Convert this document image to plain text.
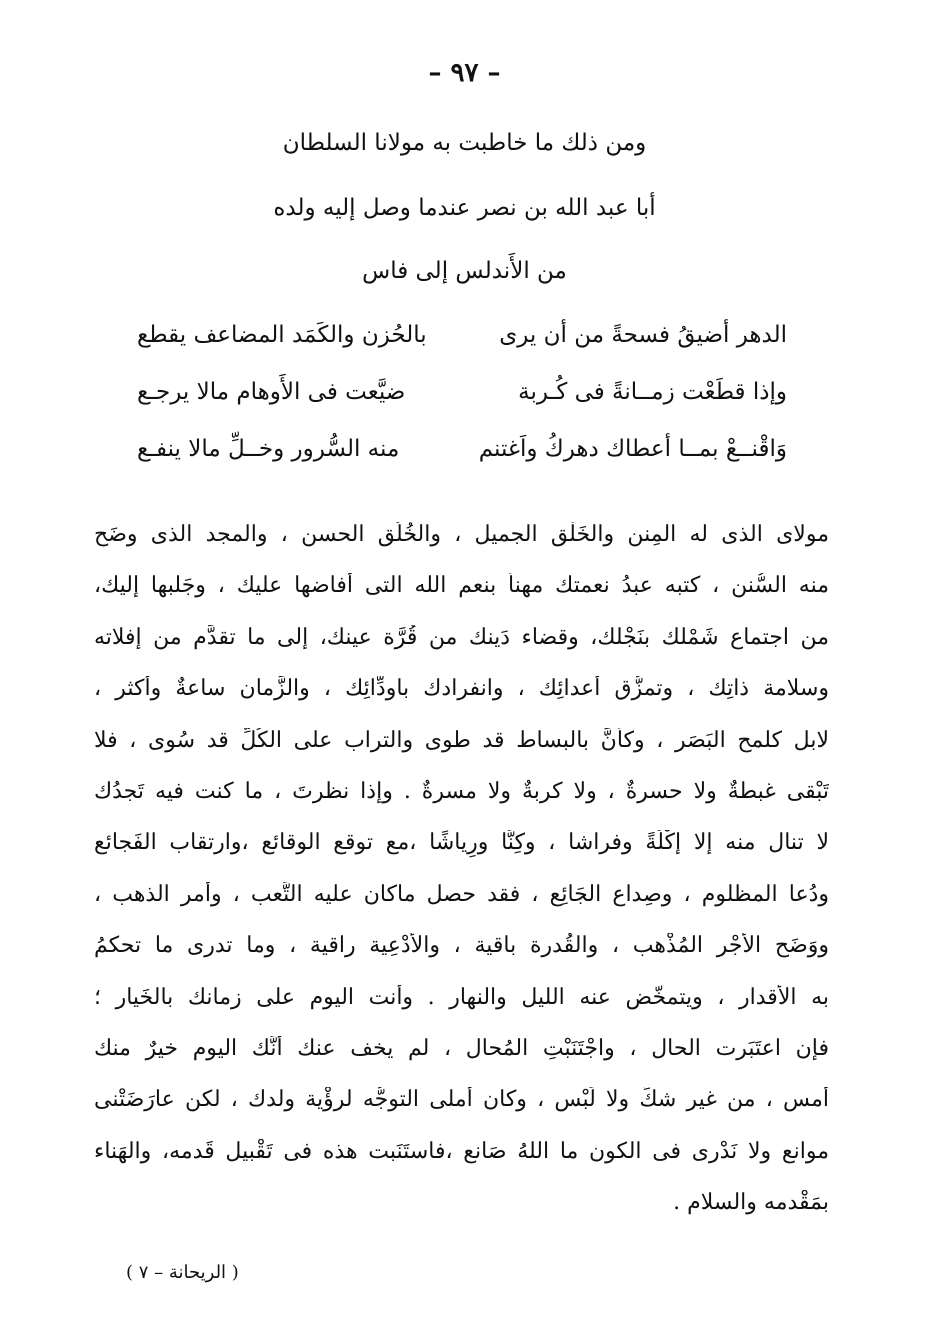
– ٩٧ –
ومن ذلك ما خاطبت به مولانا السلطان
أبا عبد الله بن نصر عندما وصل إليه ولده
من الأَندلس إلى فاس
الدهر أضيقُ فسحةً من أن يرى
بالحُزن والكَمَد المضاعف يقطع
وإذا قطَعْت زمــانةً فى كُـربة
ضيَّعت فى الأَوهام مالا يرجـع
وَاقْنــعْ بمــا أعطاك دهركُ واَغتنم
منه السُّرور وخــلِّ مالا ينفـع
مولاى الذى له المِنن والخَلْق الجميل ، والخُلُق الحسن ، والمجد الذى وضَح
منه السُّنن ، كتبه عبدُ نعمتك مهنأً بنعم الله التى أفاضها عليك ، وجَلبها إليك،
من اجتماع شَمْلك بنَجْلك، وقضاء دَينك من قُرَّة عينك، إلى ما تقدَّم من إفلاته
وسلامة ذاتِك ، وتمزُّق أعدائِك ، وانفرادك باودِّائِك ، والزَّمان ساعةٌ وأكثر ،
لابل كلمح البَصَر ، وكأنَّ بالبساط قد طوى والتراب على الكُلِّ قد سُوى ، فلا
تَبْقى غبطةٌ ولا حسرةٌ ، ولا كربةٌ ولا مسرةٌ . وإذا نظرتَ ، ما كنت فيه تَجدُك
لا تنال منه إلا إكْلَةً وفراشا ، وكِنًّا ورِياشًا ،مع توقع الوقائع ،وارتقاب الفَجائع
ودُعا المظلوم ، وصِداع الجَائِع ، فقد حصل ماكان عليه التَّعب ، وأمر الذهب ،
ووَضَح الأَجْر المُذْهب ، والقُدرة باقية ، والأَدْعِية راقية ، وما تدرى ما تحكمُ
به الأَقدار ، ويتمخَّض عنه الليل والنهار . وأنت اليوم على زمانك بالخَيار ؛
فإن اعتَبَرت الحال ، واجْتَنَبْتِ المُحال ، لم يخف عنك أنَّك اليوم خيرٌ منك
أمس ، من غير شكٍّ ولا لَبْس ، وكان أملى التوجُّه لرؤْية ولدك ، لكن عارَضَتْنى
موانع ولا نَدْرى فى الكون ما اللهُ صَانع ،فاستَنَبت هذه فى تَقْبيل قَدمه، والهَناء
بمَقْدمه والسلام .
( الريحانة – ٧ )
